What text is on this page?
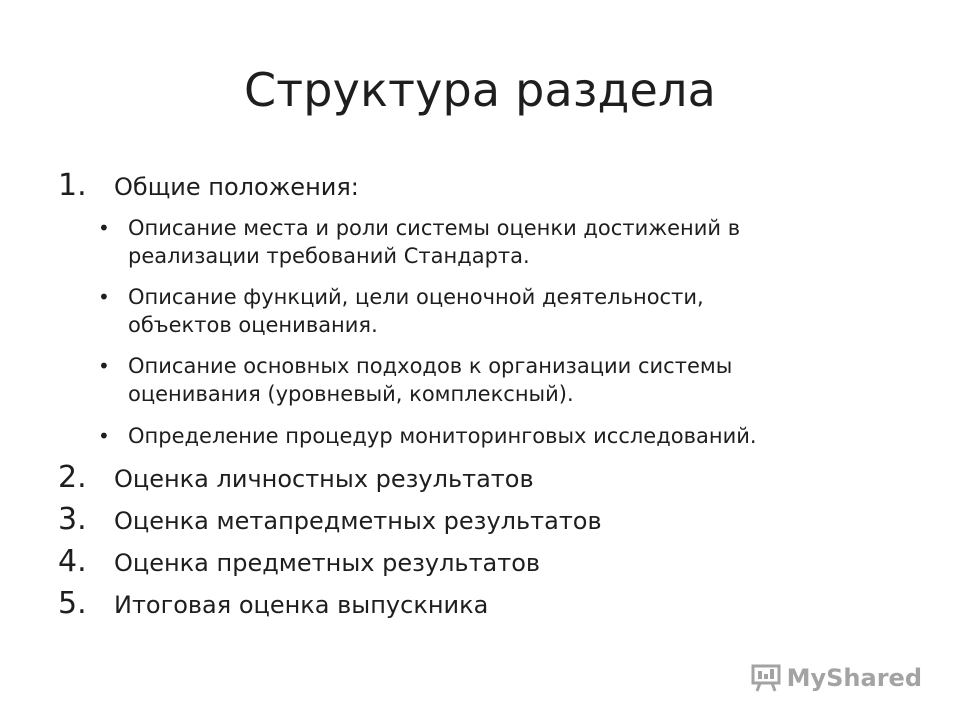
Структура раздела
1.	Общие положения:
• Описание места и роли системы оценки достижений в
реализации требований Стандарта.
• Описание функций, цели оценочной деятельности,
объектов оценивания.
• Описание основных подходов к организации системы
оценивания (уровневый, комплексный).
• Определение процедур мониторинговых исследований.
2.	Оценка личностных результатов
3.	Оценка метапредметных результатов
4.	Оценка предметных результатов
5.	Итоговая оценка выпускника
MyShared
